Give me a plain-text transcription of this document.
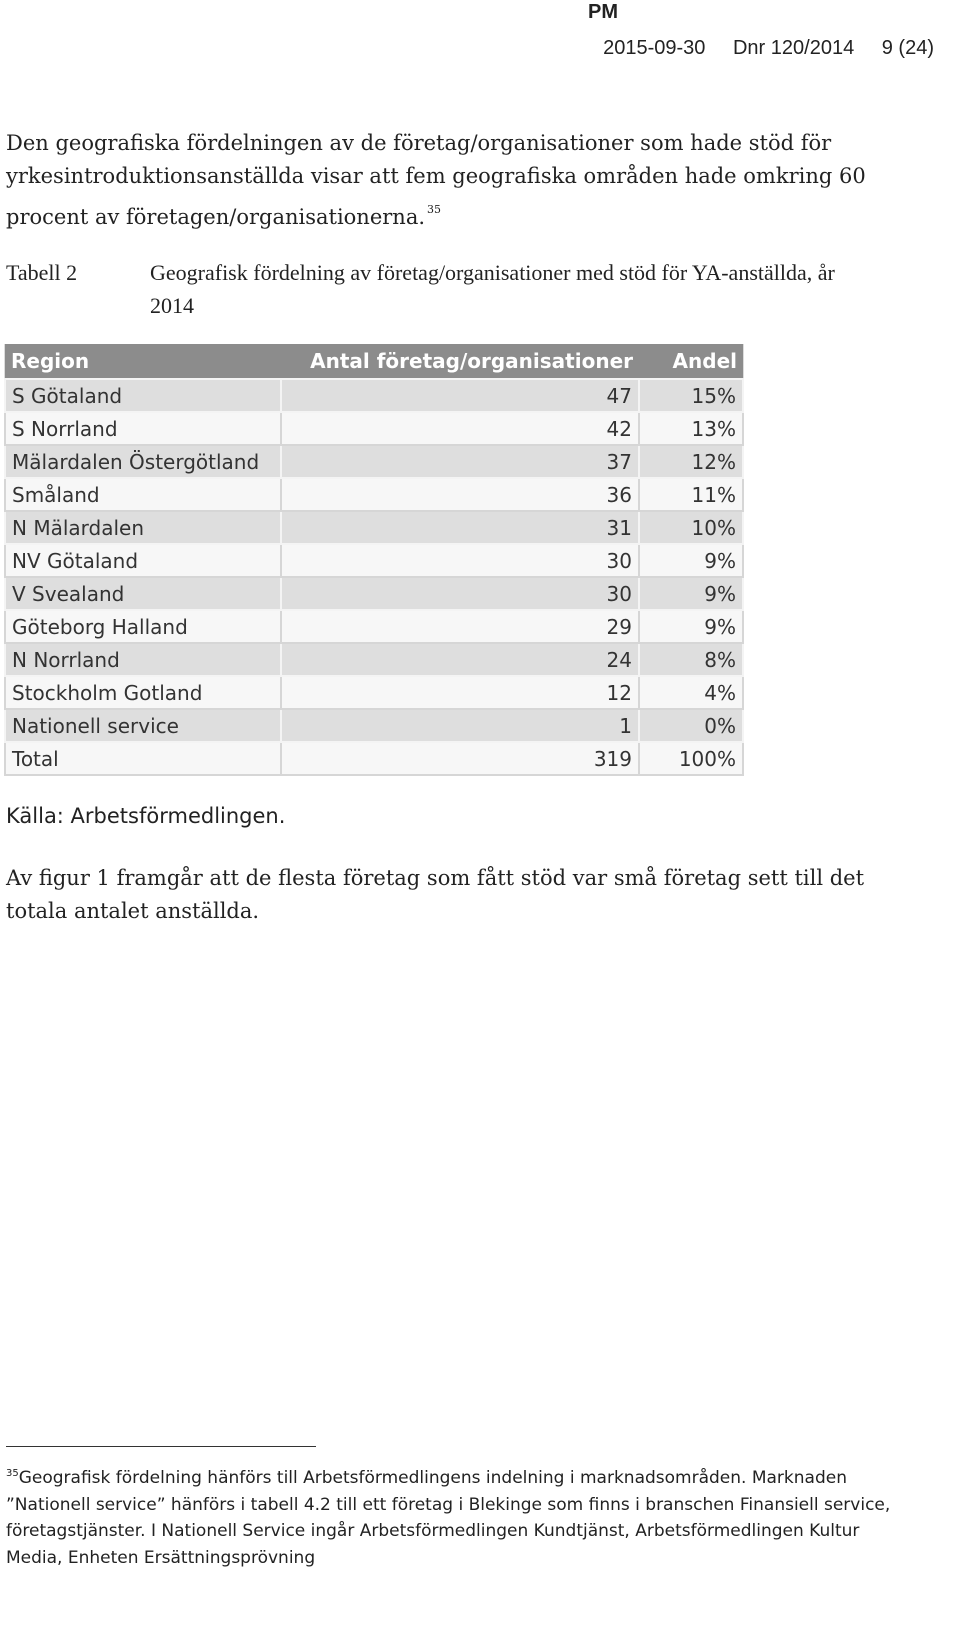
PM
2015-09-30 Dnr 120/2014 9 (24)
Den geografiska fördelningen av de företag/organisationer som hade stöd för yrkesintroduktionsanställda visar att fem geografiska områden hade omkring 60 procent av företagen/organisationerna. $^{35}$
Tabell 2	Geografisk fördelning av företag/organisationer med stöd för YA-anställda, år 2014
Region	Antal företag/organisationer	Andel
S Götaland	47	15%
S Norrland	42	13%
Mälardalen Östergötland	37	12%
Småland	36	11%
N Mälardalen	31	10%
NV Götaland	30	9%
V Svealand	30	9%
Göteborg Halland	29	9%
N Norrland	24	8%
Stockholm Gotland	12	4%
Nationell service	1	0%
Total	319	100%
Källa: Arbetsförmedlingen.
Av figur 1 framgår att de flesta företag som fått stöd var små företag sett till det totala antalet anställda.
$^{35}$Geografisk fördelning hänförs till Arbetsförmedlingens indelning i marknadsområden. Marknaden ”Nationell service” hänförs i tabell 4.2 till ett företag i Blekinge som finns i branschen Finansiell service, företagstjänster. I Nationell Service ingår Arbetsförmedlingen Kundtjänst, Arbetsförmedlingen Kultur Media, Enheten Ersättningsprövning
